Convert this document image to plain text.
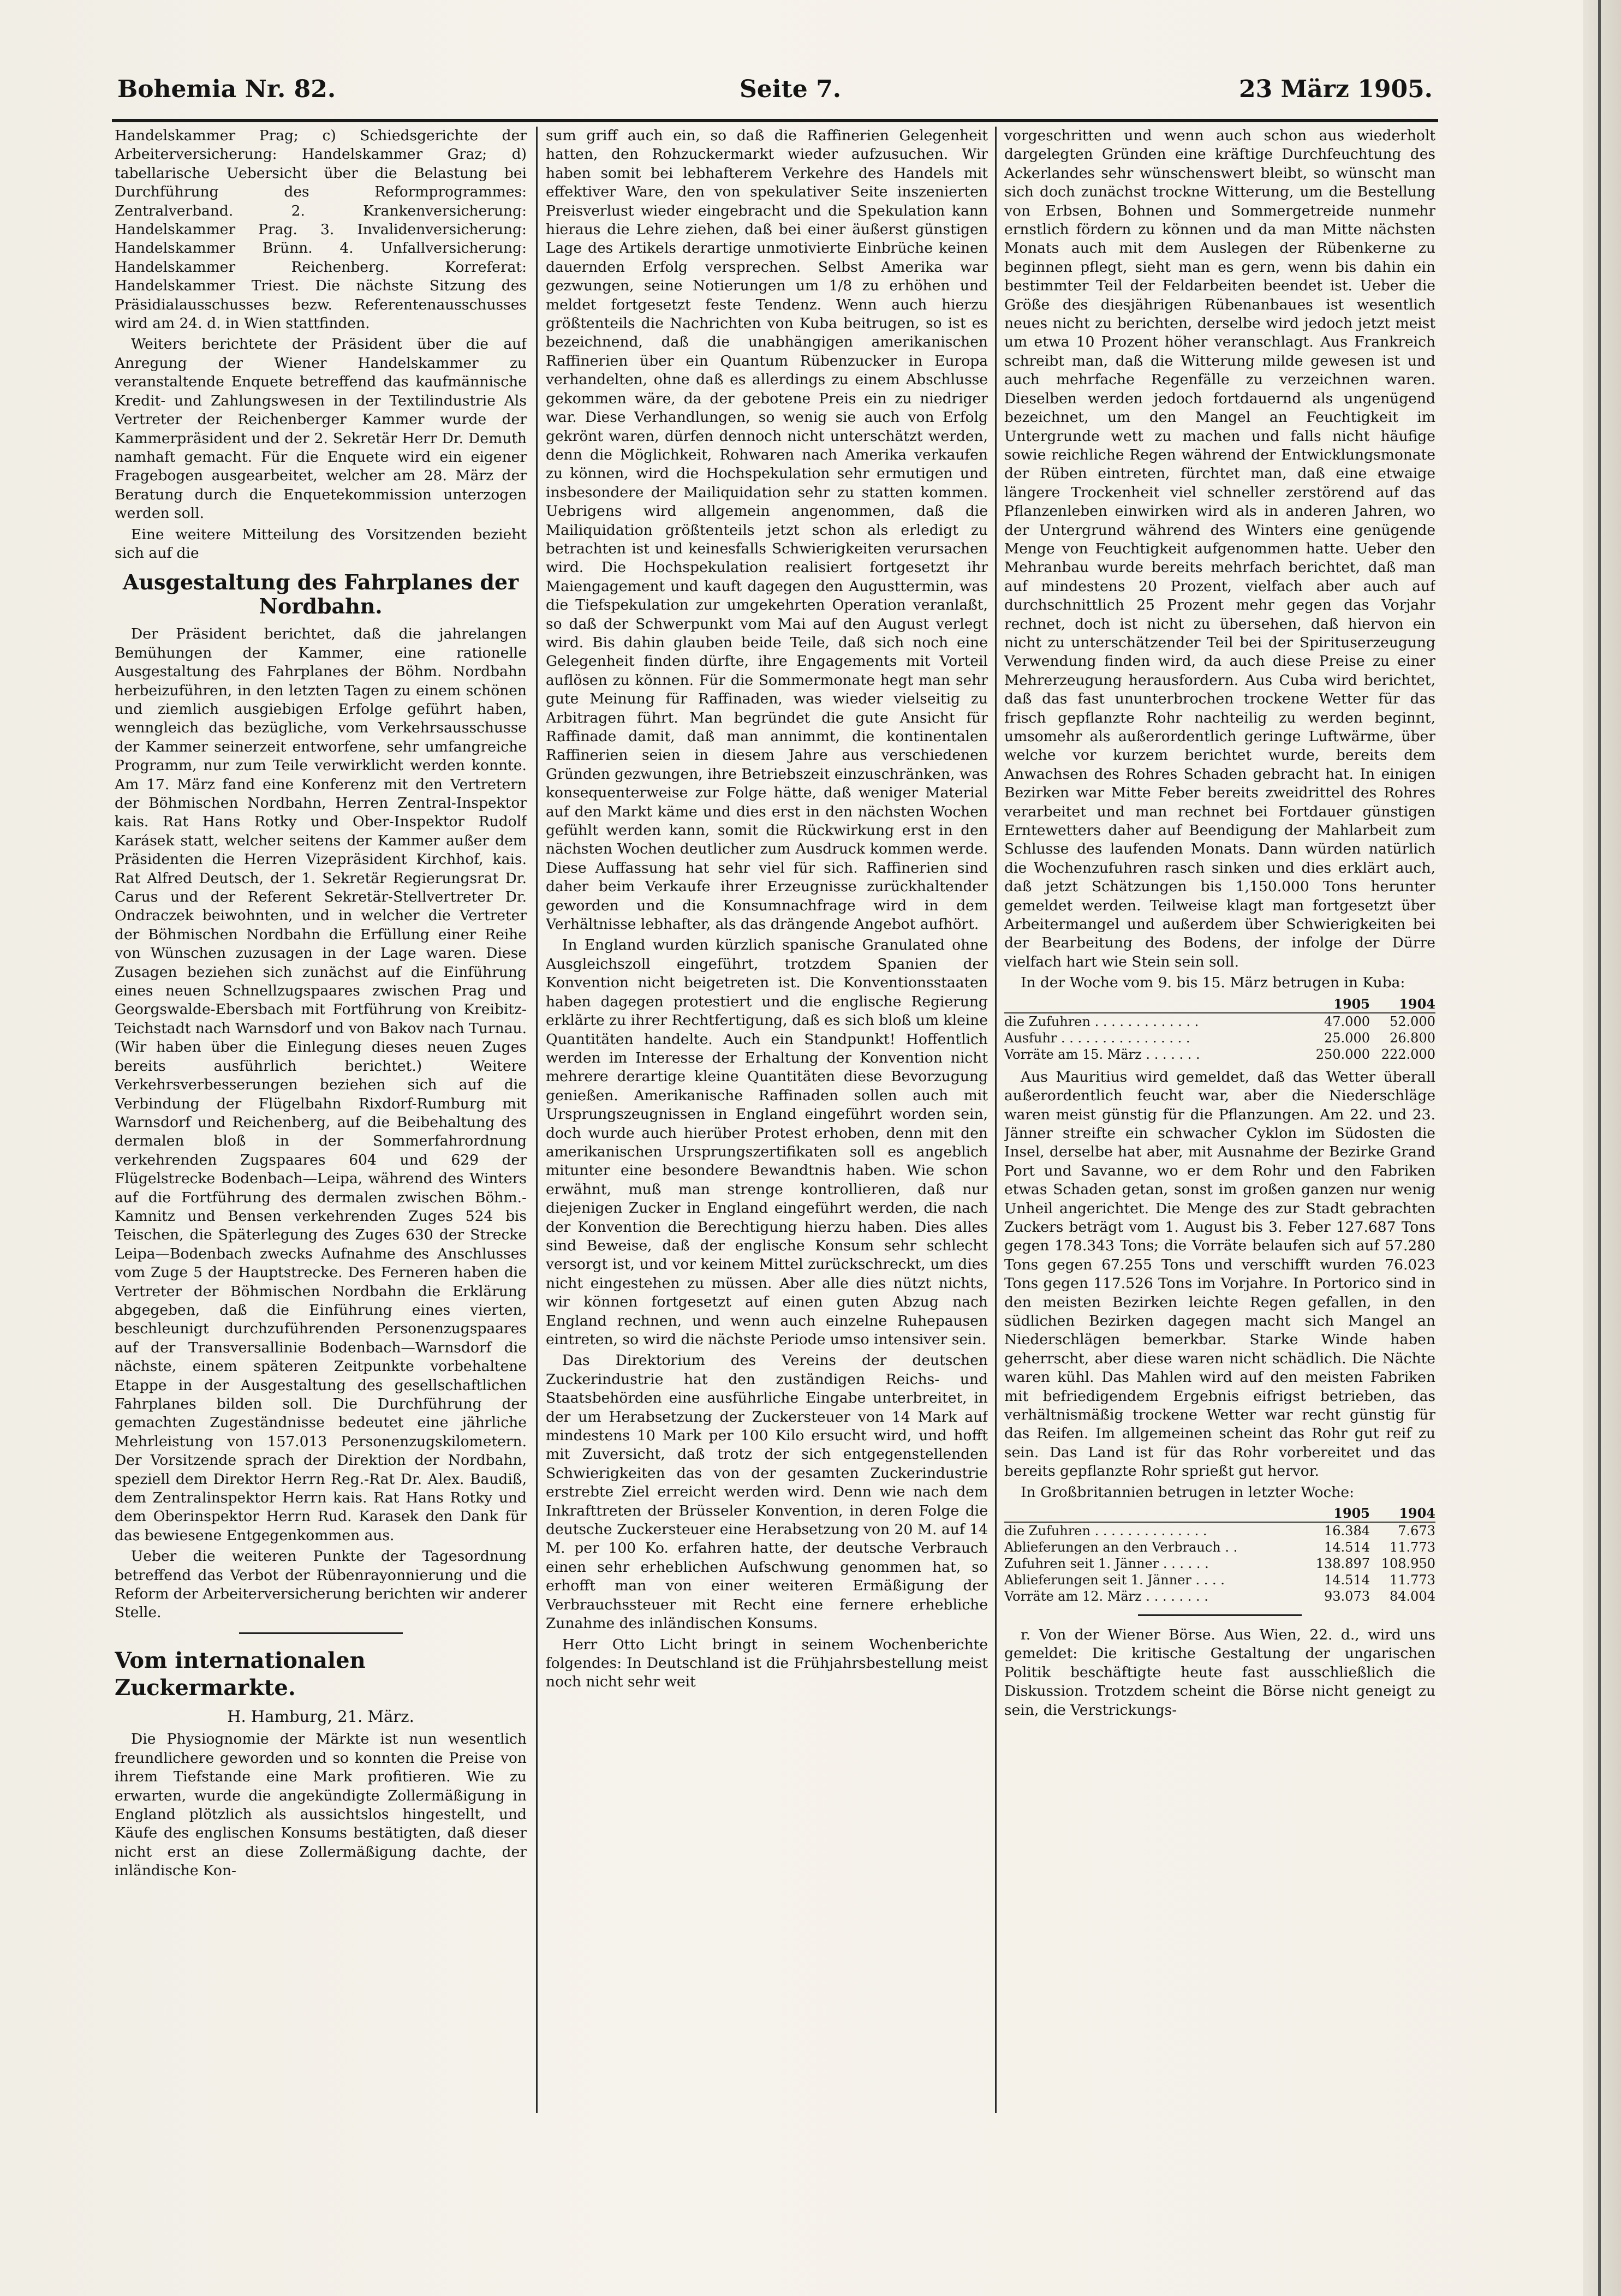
Bohemia Nr. 82.	Seite 7.	23 März 1905.

Handelskammer Prag; c) Schiedsgerichte der Arbeiterversicherung: Handelskammer Graz; d) tabellarische Uebersicht über die Belastung bei Durchführung des Reformprogrammes: Zentralverband. 2. Krankenversicherung: Handelskammer Prag. 3. Invalidenversicherung: Handelskammer Brünn. 4. Unfallversicherung: Handelskammer Reichenberg. Korreferat: Handelskammer Triest. Die nächste Sitzung des Präsidialausschusses bezw. Referentenausschusses wird am 24. d. in Wien stattfinden.

Weiters berichtete der Präsident über die auf Anregung der Wiener Handelskammer zu veranstaltende Enquete betreffend das kaufmännische Kredit- und Zahlungswesen in der Textilindustrie Als Vertreter der Reichenberger Kammer wurde der Kammerpräsident und der 2. Sekretär Herr Dr. Demuth namhaft gemacht. Für die Enquete wird ein eigener Fragebogen ausgearbeitet, welcher am 28. März der Beratung durch die Enquetekommission unterzogen werden soll.

Eine weitere Mitteilung des Vorsitzenden bezieht sich auf die

Ausgestaltung des Fahrplanes der Nordbahn.

Der Präsident berichtet, daß die jahrelangen Bemühungen der Kammer, eine rationelle Ausgestaltung des Fahrplanes der Böhm. Nordbahn herbeizuführen, in den letzten Tagen zu einem schönen und ziemlich ausgiebigen Erfolge geführt haben, wenngleich das bezügliche, vom Verkehrsausschusse der Kammer seinerzeit entworfene, sehr umfangreiche Programm, nur zum Teile verwirklicht werden konnte. Am 17. März fand eine Konferenz mit den Vertretern der Böhmischen Nordbahn, Herren Zentral-Inspektor kais. Rat Hans Rotky und Ober-Inspektor Rudolf Karásek statt, welcher seitens der Kammer außer dem Präsidenten die Herren Vizepräsident Kirchhof, kais. Rat Alfred Deutsch, der 1. Sekretär Regierungsrat Dr. Carus und der Referent Sekretär-Stellvertreter Dr. Ondraczek beiwohnten, und in welcher die Vertreter der Böhmischen Nordbahn die Erfüllung einer Reihe von Wünschen zuzusagen in der Lage waren. Diese Zusagen beziehen sich zunächst auf die Einführung eines neuen Schnellzugspaares zwischen Prag und Georgswalde-Ebersbach mit Fortführung von Kreibitz-Teichstadt nach Warnsdorf und von Bakov nach Turnau. (Wir haben über die Einlegung dieses neuen Zuges bereits ausführlich berichtet.) Weitere Verkehrsverbesserungen beziehen sich auf die Verbindung der Flügelbahn Rixdorf-Rumburg mit Warnsdorf und Reichenberg, auf die Beibehaltung des dermalen bloß in der Sommerfahrordnung verkehrenden Zugspaares 604 und 629 der Flügelstrecke Bodenbach—Leipa, während des Winters auf die Fortführung des dermalen zwischen Böhm.-Kamnitz und Bensen verkehrenden Zuges 524 bis Teischen, die Späterlegung des Zuges 630 der Strecke Leipa—Bodenbach zwecks Aufnahme des Anschlusses vom Zuge 5 der Hauptstrecke. Des Ferneren haben die Vertreter der Böhmischen Nordbahn die Erklärung abgegeben, daß die Einführung eines vierten, beschleunigt durchzuführenden Personenzugspaares auf der Transversallinie Bodenbach—Warnsdorf die nächste, einem späteren Zeitpunkte vorbehaltene Etappe in der Ausgestaltung des gesellschaftlichen Fahrplanes bilden soll. Die Durchführung der gemachten Zugeständnisse bedeutet eine jährliche Mehrleistung von 157.013 Personenzugskilometern. Der Vorsitzende sprach der Direktion der Nordbahn, speziell dem Direktor Herrn Reg.-Rat Dr. Alex. Baudiß, dem Zentralinspektor Herrn kais. Rat Hans Rotky und dem Oberinspektor Herrn Rud. Karasek den Dank für das bewiesene Entgegenkommen aus.

Ueber die weiteren Punkte der Tagesordnung betreffend das Verbot der Rübenrayonnierung und die Reform der Arbeiterversicherung berichten wir anderer Stelle.

Vom internationalen Zuckermarkte.
H. Hamburg, 21. März.

Die Physiognomie der Märkte ist nun wesentlich freundlichere geworden und so konnten die Preise von ihrem Tiefstande eine Mark profitieren. Wie zu erwarten, wurde die angekündigte Zollermäßigung in England plötzlich als aussichtslos hingestellt, und Käufe des englischen Konsums bestätigten, daß dieser nicht erst an diese Zollermäßigung dachte, der inländische Kon-

sum griff auch ein, so daß die Raffinerien Gelegenheit hatten, den Rohzuckermarkt wieder aufzusuchen. Wir haben somit bei lebhafterem Verkehre des Handels mit effektiver Ware, den von spekulativer Seite inszenierten Preisverlust wieder eingebracht und die Spekulation kann hieraus die Lehre ziehen, daß bei einer äußerst günstigen Lage des Artikels derartige unmotivierte Einbrüche keinen dauernden Erfolg versprechen. Selbst Amerika war gezwungen, seine Notierungen um 1/8 zu erhöhen und meldet fortgesetzt feste Tendenz. Wenn auch hierzu größtenteils die Nachrichten von Kuba beitrugen, so ist es bezeichnend, daß die unabhängigen amerikanischen Raffinerien über ein Quantum Rübenzucker in Europa verhandelten, ohne daß es allerdings zu einem Abschlusse gekommen wäre, da der gebotene Preis ein zu niedriger war. Diese Verhandlungen, so wenig sie auch von Erfolg gekrönt waren, dürfen dennoch nicht unterschätzt werden, denn die Möglichkeit, Rohwaren nach Amerika verkaufen zu können, wird die Hochspekulation sehr ermutigen und insbesondere der Mailiquidation sehr zu statten kommen. Uebrigens wird allgemein angenommen, daß die Mailiquidation größtenteils jetzt schon als erledigt zu betrachten ist und keinesfalls Schwierigkeiten verursachen wird. Die Hochspekulation realisiert fortgesetzt ihr Maiengagement und kauft dagegen den Augusttermin, was die Tiefspekulation zur umgekehrten Operation veranlaßt, so daß der Schwerpunkt vom Mai auf den August verlegt wird. Bis dahin glauben beide Teile, daß sich noch eine Gelegenheit finden dürfte, ihre Engagements mit Vorteil auflösen zu können. Für die Sommermonate hegt man sehr gute Meinung für Raffinaden, was wieder vielseitig zu Arbitragen führt. Man begründet die gute Ansicht für Raffinade damit, daß man annimmt, die kontinentalen Raffinerien seien in diesem Jahre aus verschiedenen Gründen gezwungen, ihre Betriebszeit einzuschränken, was konsequenterweise zur Folge hätte, daß weniger Material auf den Markt käme und dies erst in den nächsten Wochen gefühlt werden kann, somit die Rückwirkung erst in den nächsten Wochen deutlicher zum Ausdruck kommen werde. Diese Auffassung hat sehr viel für sich. Raffinerien sind daher beim Verkaufe ihrer Erzeugnisse zurückhaltender geworden und die Konsumnachfrage wird in dem Verhältnisse lebhafter, als das drängende Angebot aufhört.

In England wurden kürzlich spanische Granulated ohne Ausgleichszoll eingeführt, trotzdem Spanien der Konvention nicht beigetreten ist. Die Konventionsstaaten haben dagegen protestiert und die englische Regierung erklärte zu ihrer Rechtfertigung, daß es sich bloß um kleine Quantitäten handelte. Auch ein Standpunkt! Hoffentlich werden im Interesse der Erhaltung der Konvention nicht mehrere derartige kleine Quantitäten diese Bevorzugung genießen. Amerikanische Raffinaden sollen auch mit Ursprungszeugnissen in England eingeführt worden sein, doch wurde auch hierüber Protest erhoben, denn mit den amerikanischen Ursprungszertifikaten soll es angeblich mitunter eine besondere Bewandtnis haben. Wie schon erwähnt, muß man strenge kontrollieren, daß nur diejenigen Zucker in England eingeführt werden, die nach der Konvention die Berechtigung hierzu haben. Dies alles sind Beweise, daß der englische Konsum sehr schlecht versorgt ist, und vor keinem Mittel zurückschreckt, um dies nicht eingestehen zu müssen. Aber alle dies nützt nichts, wir können fortgesetzt auf einen guten Abzug nach England rechnen, und wenn auch einzelne Ruhepausen eintreten, so wird die nächste Periode umso intensiver sein.

Das Direktorium des Vereins der deutschen Zuckerindustrie hat den zuständigen Reichs- und Staatsbehörden eine ausführliche Eingabe unterbreitet, in der um Herabsetzung der Zuckersteuer von 14 Mark auf mindestens 10 Mark per 100 Kilo ersucht wird, und hofft mit Zuversicht, daß trotz der sich entgegenstellenden Schwierigkeiten das von der gesamten Zuckerindustrie erstrebte Ziel erreicht werden wird. Denn wie nach dem Inkrafttreten der Brüsseler Konvention, in deren Folge die deutsche Zuckersteuer eine Herabsetzung von 20 M. auf 14 M. per 100 Ko. erfahren hatte, der deutsche Verbrauch einen sehr erheblichen Aufschwung genommen hat, so erhofft man von einer weiteren Ermäßigung der Verbrauchssteuer mit Recht eine fernere erhebliche Zunahme des inländischen Konsums.

Herr Otto Licht bringt in seinem Wochenberichte folgendes: In Deutschland ist die Frühjahrsbestellung meist noch nicht sehr weit

vorgeschritten und wenn auch schon aus wiederholt dargelegten Gründen eine kräftige Durchfeuchtung des Ackerlandes sehr wünschenswert bleibt, so wünscht man sich doch zunächst trockne Witterung, um die Bestellung von Erbsen, Bohnen und Sommergetreide nunmehr ernstlich fördern zu können und da man Mitte nächsten Monats auch mit dem Auslegen der Rübenkerne zu beginnen pflegt, sieht man es gern, wenn bis dahin ein bestimmter Teil der Feldarbeiten beendet ist. Ueber die Größe des diesjährigen Rübenanbaues ist wesentlich neues nicht zu berichten, derselbe wird jedoch jetzt meist um etwa 10 Prozent höher veranschlagt. Aus Frankreich schreibt man, daß die Witterung milde gewesen ist und auch mehrfache Regenfälle zu verzeichnen waren. Dieselben werden jedoch fortdauernd als ungenügend bezeichnet, um den Mangel an Feuchtigkeit im Untergrunde wett zu machen und falls nicht häufige sowie reichliche Regen während der Entwicklungsmonate der Rüben eintreten, fürchtet man, daß eine etwaige längere Trockenheit viel schneller zerstörend auf das Pflanzenleben einwirken wird als in anderen Jahren, wo der Untergrund während des Winters eine genügende Menge von Feuchtigkeit aufgenommen hatte. Ueber den Mehranbau wurde bereits mehrfach berichtet, daß man auf mindestens 20 Prozent, vielfach aber auch auf durchschnittlich 25 Prozent mehr gegen das Vorjahr rechnet, doch ist nicht zu übersehen, daß hiervon ein nicht zu unterschätzender Teil bei der Spirituserzeugung Verwendung finden wird, da auch diese Preise zu einer Mehrerzeugung herausfordern. Aus Cuba wird berichtet, daß das fast ununterbrochen trockene Wetter für das frisch gepflanzte Rohr nachteilig zu werden beginnt, umsomehr als außerordentlich geringe Luftwärme, über welche vor kurzem berichtet wurde, bereits dem Anwachsen des Rohres Schaden gebracht hat. In einigen Bezirken war Mitte Feber bereits zweidrittel des Rohres verarbeitet und man rechnet bei Fortdauer günstigen Erntewetters daher auf Beendigung der Mahlarbeit zum Schlusse des laufenden Monats. Dann würden natürlich die Wochenzufuhren rasch sinken und dies erklärt auch, daß jetzt Schätzungen bis 1,150.000 Tons herunter gemeldet werden. Teilweise klagt man fortgesetzt über Arbeitermangel und außerdem über Schwierigkeiten bei der Bearbeitung des Bodens, der infolge der Dürre vielfach hart wie Stein sein soll.

In der Woche vom 9. bis 15. März betrugen in Kuba:

	1905	1904
die Zufuhren . . . . . . . . . . . . .	47.000	52.000
Ausfuhr . . . . . . . . . . . . . . . .	25.000	26.800
Vorräte am 15. März . . . . . . .	250.000	222.000

Aus Mauritius wird gemeldet, daß das Wetter überall außerordentlich feucht war, aber die Niederschläge waren meist günstig für die Pflanzungen. Am 22. und 23. Jänner streifte ein schwacher Cyklon im Südosten die Insel, derselbe hat aber, mit Ausnahme der Bezirke Grand Port und Savanne, wo er dem Rohr und den Fabriken etwas Schaden getan, sonst im großen ganzen nur wenig Unheil angerichtet. Die Menge des zur Stadt gebrachten Zuckers beträgt vom 1. August bis 3. Feber 127.687 Tons gegen 178.343 Tons; die Vorräte belaufen sich auf 57.280 Tons gegen 67.255 Tons und verschifft wurden 76.023 Tons gegen 117.526 Tons im Vorjahre. In Portorico sind in den meisten Bezirken leichte Regen gefallen, in den südlichen Bezirken dagegen macht sich Mangel an Niederschlägen bemerkbar. Starke Winde haben geherrscht, aber diese waren nicht schädlich. Die Nächte waren kühl. Das Mahlen wird auf den meisten Fabriken mit befriedigendem Ergebnis eifrigst betrieben, das verhältnismäßig trockene Wetter war recht günstig für das Reifen. Im allgemeinen scheint das Rohr gut reif zu sein. Das Land ist für das Rohr vorbereitet und das bereits gepflanzte Rohr sprießt gut hervor.

In Großbritannien betrugen in letzter Woche:

	1905	1904
die Zufuhren . . . . . . . . . . . . . .	16.384	7.673
Ablieferungen an den Verbrauch . .	14.514	11.773
Zufuhren seit 1. Jänner . . . . . .	138.897	108.950
Ablieferungen seit 1. Jänner . . . .	14.514	11.773
Vorräte am 12. März . . . . . . . .	93.073	84.004

r. Von der Wiener Börse. Aus Wien, 22. d., wird uns gemeldet: Die kritische Gestaltung der ungarischen Politik beschäftigte heute fast ausschließlich die Diskussion. Trotzdem scheint die Börse nicht geneigt zu sein, die Verstrickungs-
